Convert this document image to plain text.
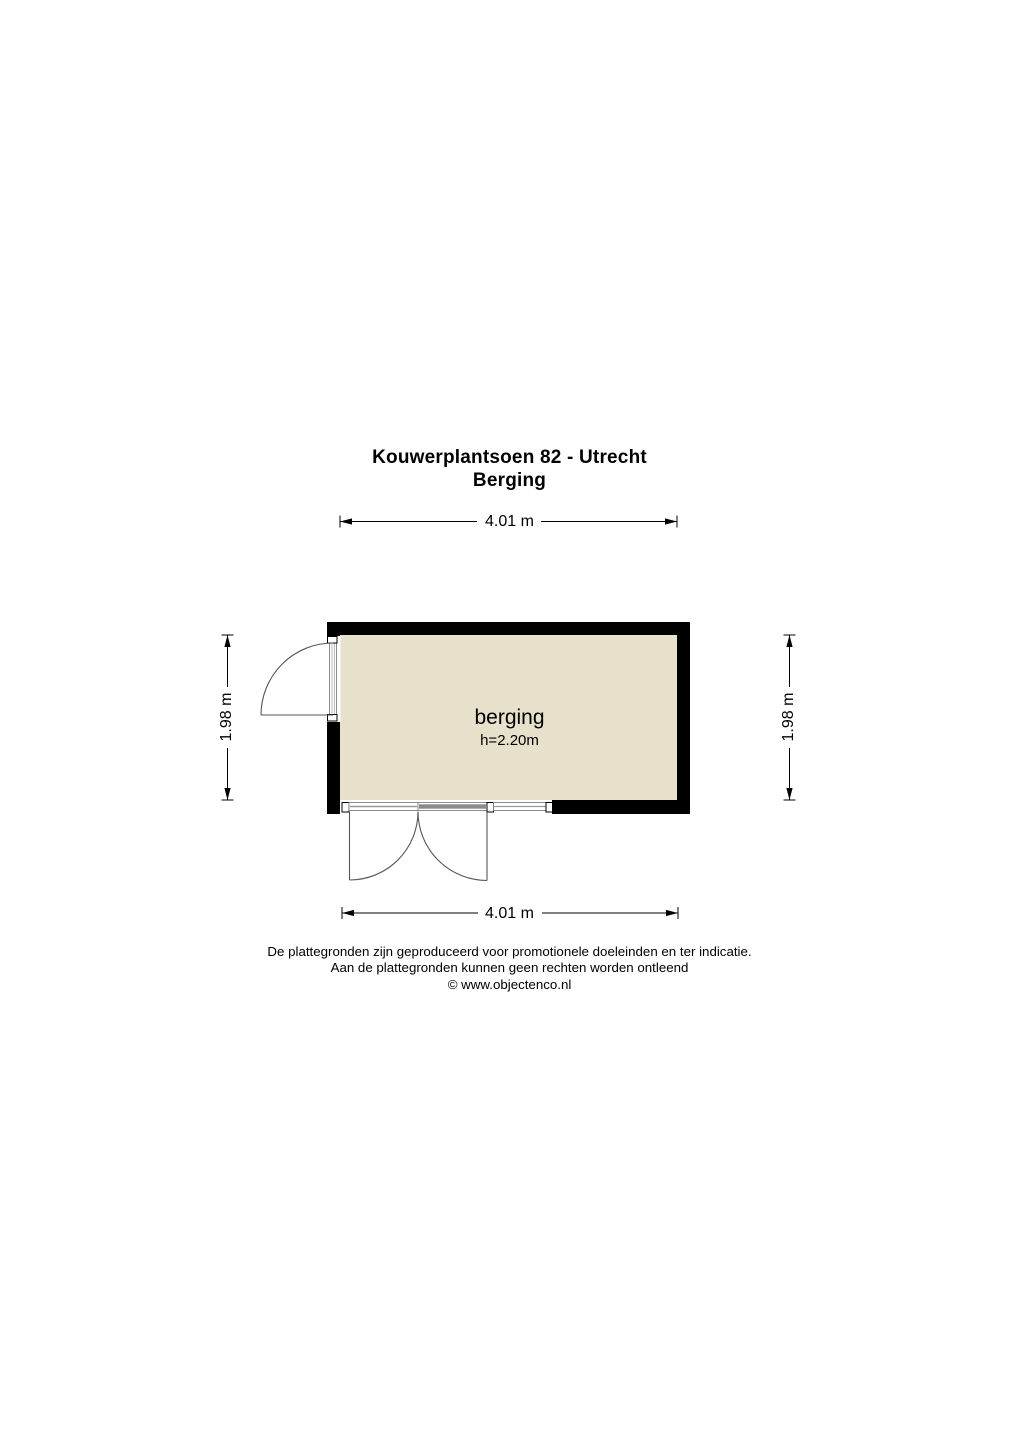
Kouwerplantsoen 82 - Utrecht
Berging
4.01 m
4.01 m
1.98 m	1.98 m
berging
h=2.20m
De plattegronden zijn geproduceerd voor promotionele doeleinden en ter indicatie.
Aan de plattegronden kunnen geen rechten worden ontleend
© www.objectenco.nl
